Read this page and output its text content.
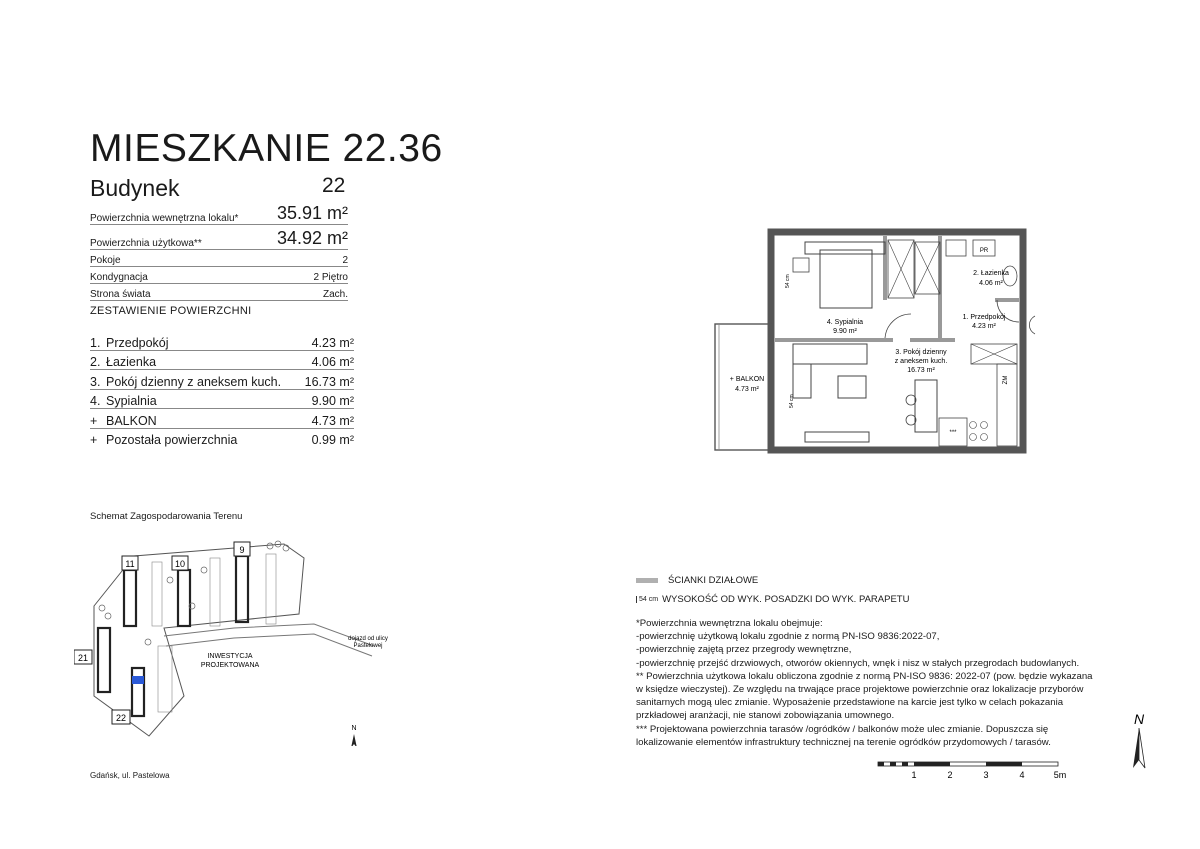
MIESZKANIE 22.36
Budynek	22
Powierzchnia wewnętrzna lokalu* 35.91 m²
Powierzchnia użytkowa**	34.92 m²
Pokoje	2
Kondygnacja	2 Piętro
Strona świata	Zach.
ZESTAWIENIE POWIERZCHNI
1. Przedpokój	4.23 m²
2. Łazienka	4.06 m²
3. Pokój dzienny z aneksem kuch.	16.73 m²
4. Sypialnia	9.90 m²
+ BALKON	4.73 m²
+ Pozostała powierzchnia	0.99 m²
PR
ZM
***
54 cm
54 cm
2. Łazienka
4.06 m²
1. Przedpokój
4.23 m²
4. Sypialnia
9.90 m²
3. Pokój dzienny
z aneksem kuch.
16.73 m²
+ BALKON
4.73 m²
Schemat Zagospodarowania Terenu
11	10
9
21
22
INWESTYCJA
PROJEKTOWANA
dojazd od ulicy
Pastelowej
N
Gdańsk, ul. Pastelowa
ŚCIANKI DZIAŁOWE
54 cm WYSOKOŚĆ OD WYK. POSADZKI DO WYK. PARAPETU
*Powierzchnia wewnętrzna lokalu obejmuje:
-powierzchnię użytkową lokalu zgodnie z normą PN-ISO 9836:2022-07,
-powierzchnię zajętą przez przegrody wewnętrzne,
-powierzchnię przejść drzwiowych, otworów okiennych, wnęk i nisz w stałych przegrodach budowlanych.
** Powierzchnia użytkowa lokalu obliczona zgodnie z normą PN-ISO 9836: 2022-07 (pow. będzie wykazana
w księdze wieczystej). Ze względu na trwające prace projektowe powierzchnie oraz lokalizacje przyborów
sanitarnych mogą ulec zmianie. Wyposażenie przedstawione na karcie jest tylko w celach pokazania
przkładowej aranżacji, nie stanowi zobowiązania umownego.
*** Projektowana powierzchnia tarasów /ogródków / balkonów może ulec zmianie. Dopuszcza się
lokalizowanie elementów infrastruktury technicznej na terenie ogródków przydomowych / tarasów.
N
1	2	3	4	5m
